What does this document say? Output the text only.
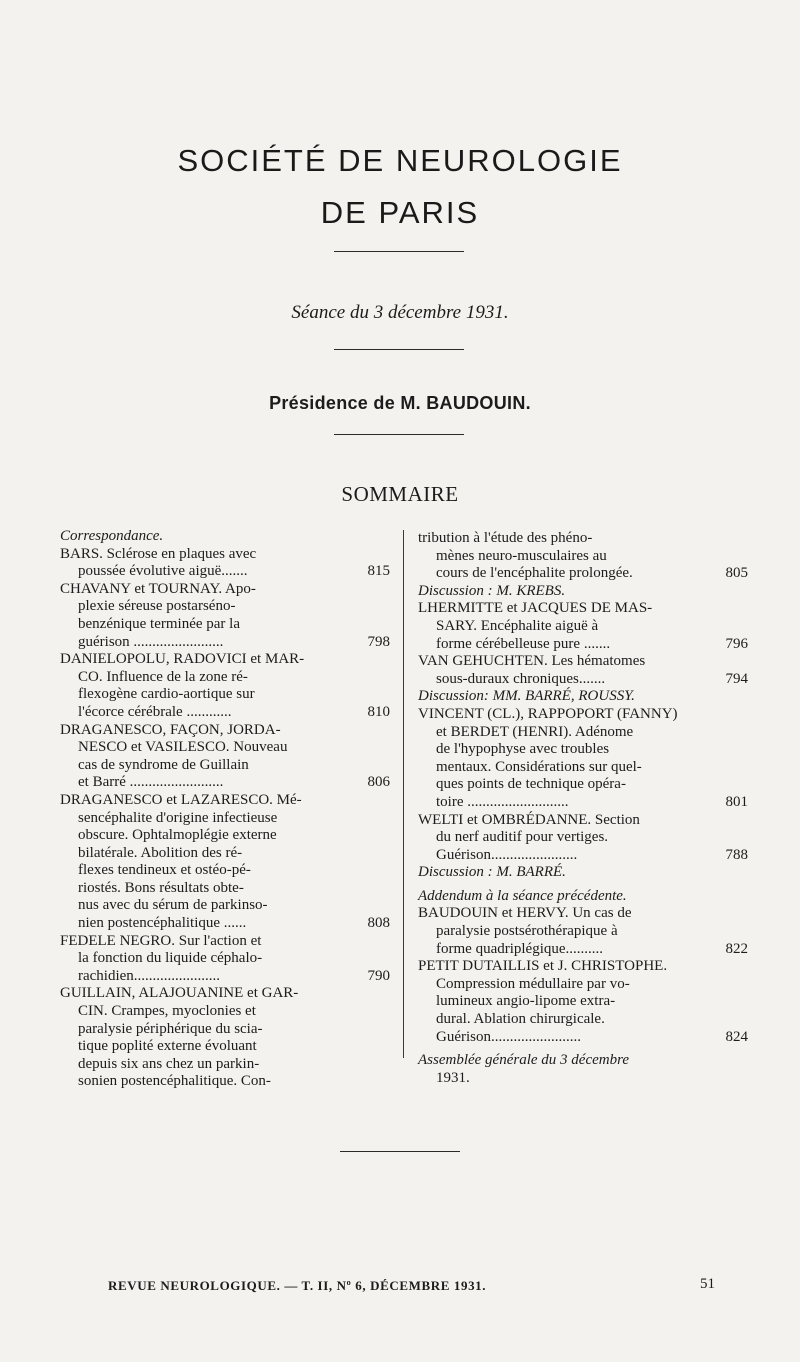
SOCIÉTÉ DE NEUROLOGIE
DE PARIS
Séance du 3 décembre 1931.
Présidence de M. BAUDOUIN.
SOMMAIRE
Correspondance.
BARS. Sclérose en plaques avec
poussée évolutive aiguë.......	815
CHAVANY et TOURNAY. Apo-
plexie séreuse postarséno-
benzénique terminée par la
guérison ........................	798
DANIELOPOLU, RADOVICI et MAR-
CO. Influence de la zone ré-
flexogène cardio-aortique sur
l'écorce cérébrale ............	810
DRAGANESCO, FAÇON, JORDA-
NESCO et VASILESCO. Nouveau
cas de syndrome de Guillain
et Barré .........................	806
DRAGANESCO et LAZARESCO. Mé-
sencéphalite d'origine infectieuse
obscure. Ophtalmoplégie externe
bilatérale. Abolition des ré-
flexes tendineux et ostéo-pé-
riostés. Bons résultats obte-
nus avec du sérum de parkinso-
nien postencéphalitique ......	808
FEDELE NEGRO. Sur l'action et
la fonction du liquide céphalo-
rachidien.......................	790
GUILLAIN, ALAJOUANINE et GAR-
CIN. Crampes, myoclonies et
paralysie périphérique du scia-
tique poplité externe évoluant
depuis six ans chez un parkin-
sonien postencéphalitique. Con-
tribution à l'étude des phéno-
mènes neuro-musculaires au
cours de l'encéphalite prolongée.	805
Discussion : M. KREBS.
LHERMITTE et JACQUES DE MAS-
SARY. Encéphalite aiguë à
forme cérébelleuse pure .......	796
VAN GEHUCHTEN. Les hématomes
sous-duraux chroniques.......	794
Discussion: MM. BARRÉ, ROUSSY.
VINCENT (CL.), RAPPOPORT (FANNY)
et BERDET (HENRI). Adénome
de l'hypophyse avec troubles
mentaux. Considérations sur quel-
ques points de technique opéra-
toire ...........................	801
WELTI et OMBRÉDANNE. Section
du nerf auditif pour vertiges.
Guérison.......................	788
Discussion : M. BARRÉ.
Addendum à la séance précédente.
BAUDOUIN et HERVY. Un cas de
paralysie postsérothérapique à
forme quadriplégique..........	822
PETIT DUTAILLIS et J. CHRISTOPHE.
Compression médullaire par vo-
lumineux angio-lipome extra-
dural. Ablation chirurgicale.
Guérison........................	824
Assemblée générale du 3 décembre
1931.
REVUE NEUROLOGIQUE. — T. II, Nº 6, DÉCEMBRE 1931.	51
